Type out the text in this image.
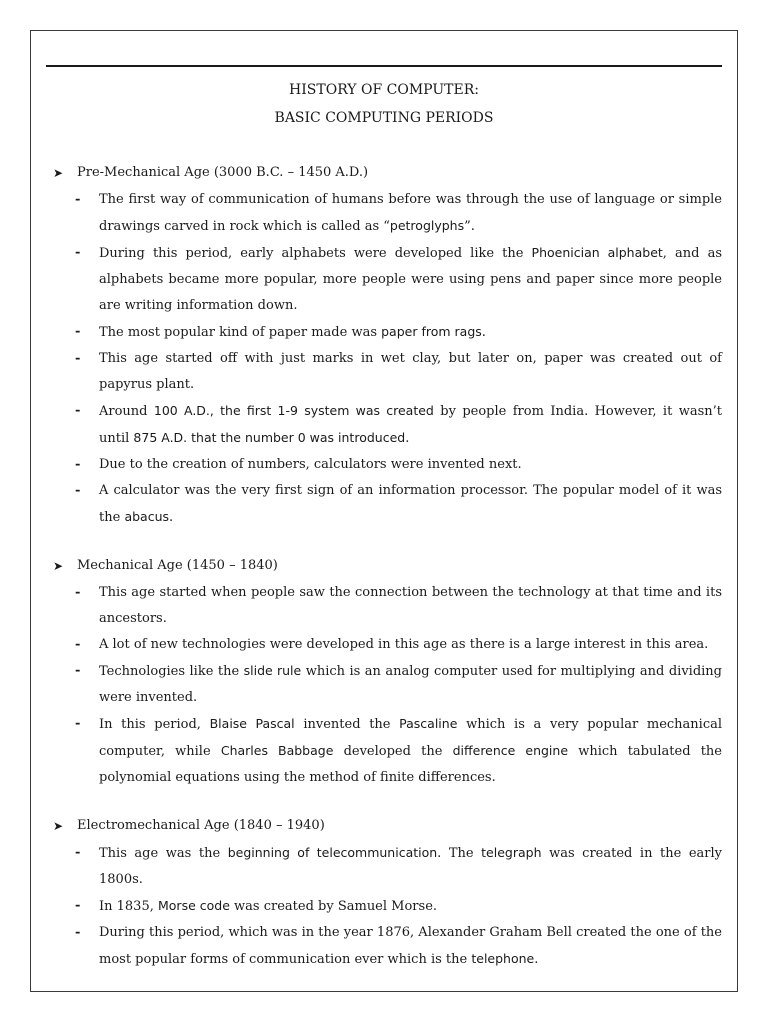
HISTORY OF COMPUTER:
BASIC COMPUTING PERIODS
➤ Pre-Mechanical Age (3000 B.C. – 1450 A.D.)
- The first way of communication of humans before was through the use of language or simple drawings carved in rock which is called as “petroglyphs”.
- During this period, early alphabets were developed like the Phoenician alphabet, and as alphabets became more popular, more people were using pens and paper since more people are writing information down.
- The most popular kind of paper made was paper from rags.
- This age started off with just marks in wet clay, but later on, paper was created out of papyrus plant.
- Around 100 A.D., the first 1-9 system was created by people from India. However, it wasn’t until 875 A.D. that the number 0 was introduced.
- Due to the creation of numbers, calculators were invented next.
- A calculator was the very first sign of an information processor. The popular model of it was the abacus.
➤ Mechanical Age (1450 – 1840)
- This age started when people saw the connection between the technology at that time and its ancestors.
- A lot of new technologies were developed in this age as there is a large interest in this area.
- Technologies like the slide rule which is an analog computer used for multiplying and dividing were invented.
- In this period, Blaise Pascal invented the Pascaline which is a very popular mechanical computer, while Charles Babbage developed the difference engine which tabulated the polynomial equations using the method of finite differences.
➤ Electromechanical Age (1840 – 1940)
- This age was the beginning of telecommunication. The telegraph was created in the early 1800s.
- In 1835, Morse code was created by Samuel Morse.
- During this period, which was in the year 1876, Alexander Graham Bell created the one of the most popular forms of communication ever which is the telephone.
